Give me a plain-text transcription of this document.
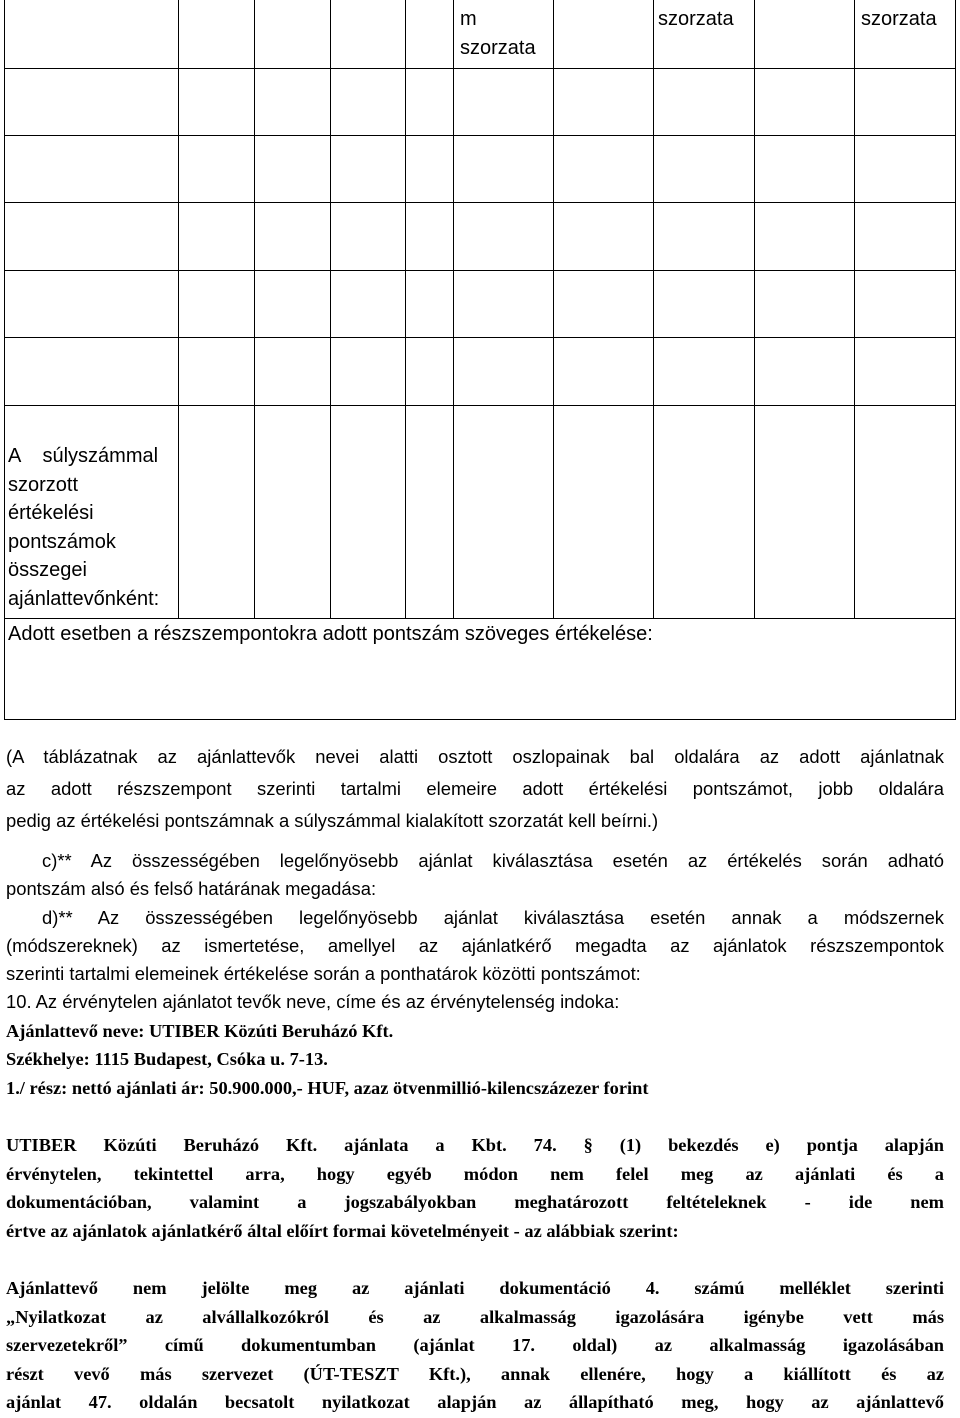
m
szorzata
szorzata	szorzata
A    súlyszámmal
szorzott
értékelési
pontszámok
összegei
ajánlattevőnként:
Adott esetben a részszempontokra adott pontszám szöveges értékelése:
(A táblázatnak az ajánlattevők nevei alatti osztott oszlopainak bal oldalára az adott ajánlatnak
az adott részszempont szerinti tartalmi elemeire adott értékelési pontszámot, jobb oldalára
pedig az értékelési pontszámnak a súlyszámmal kialakított szorzatát kell beírni.)
c)** Az összességében legelőnyösebb ajánlat kiválasztása esetén az értékelés során adható
pontszám alsó és felső határának megadása:
d)** Az összességében legelőnyösebb ajánlat kiválasztása esetén annak a módszernek
(módszereknek) az ismertetése, amellyel az ajánlatkérő megadta az ajánlatok részszempontok
szerinti tartalmi elemeinek értékelése során a ponthatárok közötti pontszámot:
10. Az érvénytelen ajánlatot tevők neve, címe és az érvénytelenség indoka:
Ajánlattevő neve: UTIBER Közúti Beruházó Kft.
Székhelye: 1115 Budapest, Csóka u. 7-13.
1./ rész: nettó ajánlati ár: 50.900.000,- HUF, azaz ötvenmillió-kilencszázezer forint
UTIBER Közúti Beruházó Kft. ajánlata a Kbt. 74. § (1) bekezdés e) pontja alapján
érvénytelen, tekintettel arra, hogy egyéb módon nem felel meg az ajánlati és a
dokumentációban, valamint a jogszabályokban meghatározott feltételeknek - ide nem
értve az ajánlatok ajánlatkérő által előírt formai követelményeit - az alábbiak szerint:
Ajánlattevő nem jelölte meg az ajánlati dokumentáció 4. számú melléklet szerinti
„Nyilatkozat az alvállalkozókról és az alkalmasság igazolására igénybe vett más
szervezetekről” című dokumentumban (ajánlat 17. oldal) az alkalmasság igazolásában
részt vevő más szervezet (ÚT-TESZT Kft.), annak ellenére, hogy a kiállított és az
ajánlat 47. oldalán becsatolt nyilatkozat alapján az állapítható meg, hogy az ajánlattevő
